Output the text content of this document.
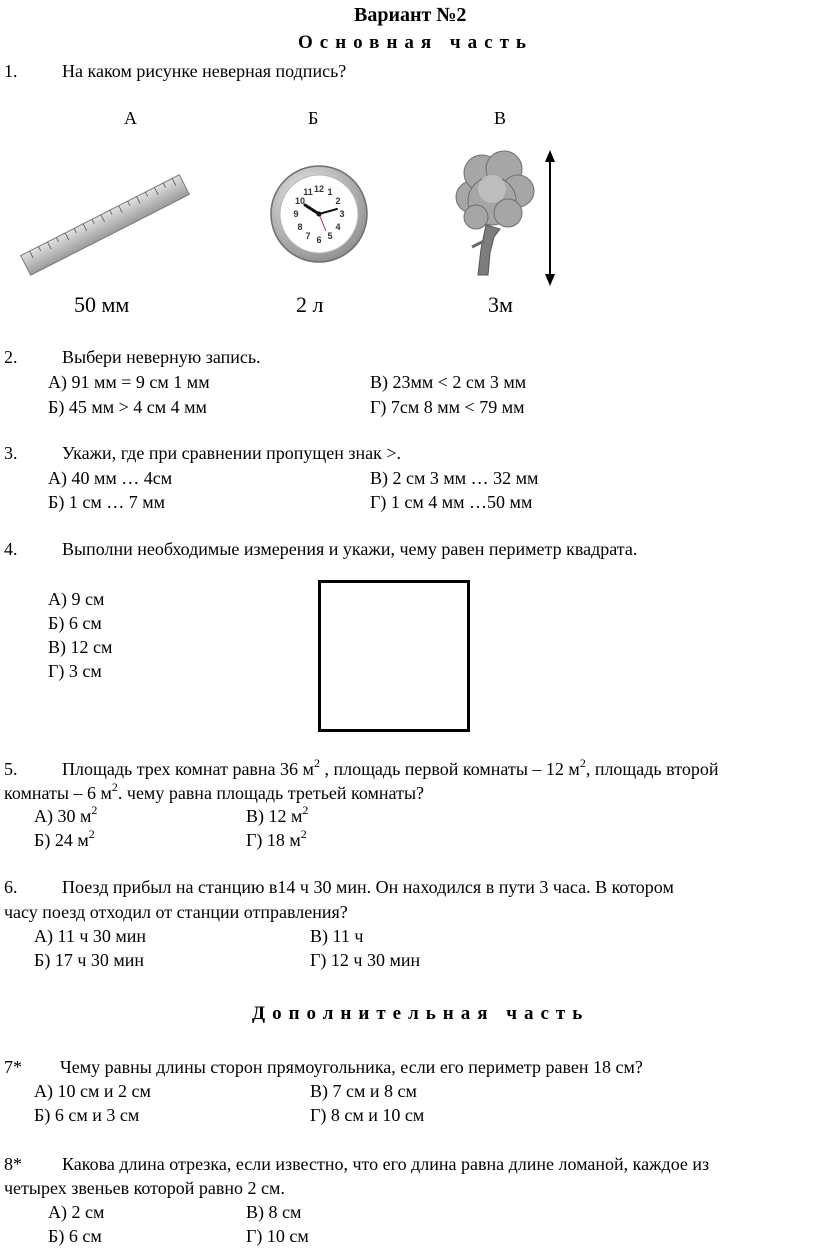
Вариант №2
Основная часть
1. На каком рисунке неверная подпись?
А	Б	В
12 1
2
3
4
5
6
7
8
9
10
11
50 мм	2 л	3м
2. Выбери неверную запись.
А) 91 мм = 9 см 1 мм	В) 23мм < 2 см 3 мм
Б) 45 мм > 4 см 4 мм	Г) 7см 8 мм < 79 мм
3. Укажи, где при сравнении пропущен знак >.
А) 40 мм … 4см	В) 2 см 3 мм … 32 мм
Б) 1 см … 7 мм	Г) 1 см 4 мм …50 мм
4. Выполни необходимые измерения и укажи, чему равен периметр квадрата.
А) 9 см
Б) 6 см
В) 12 см
Г) 3 см
5. Площадь трех комнат равна 36 $м^2$ , площадь первой комнаты – 12 $м^2$, площадь второй
комнаты – 6 $м^2$. чему равна площадь третьей комнаты?
А) 30 $м^2$	В) 12 $м^2$
Б) 24 $м^2$	Г) 18 $м^2$
6. Поезд прибыл на станцию в14 ч 30 мин. Он находился в пути 3 часа. В котором
часу поезд отходил от станции отправления?
А) 11 ч 30 мин	В) 11 ч
Б) 17 ч 30 мин	Г) 12 ч 30 мин
Дополнительная часть
7* Чему равны длины сторон прямоугольника, если его периметр равен 18 см?
А) 10 см и 2 см	В) 7 см и 8 см
Б) 6 см и 3 см	Г) 8 см и 10 см
8* Какова длина отрезка, если известно, что его длина равна длине ломаной, каждое из
четырех звеньев которой равно 2 см.
А) 2 см	В) 8 см
Б) 6 см	Г) 10 см
